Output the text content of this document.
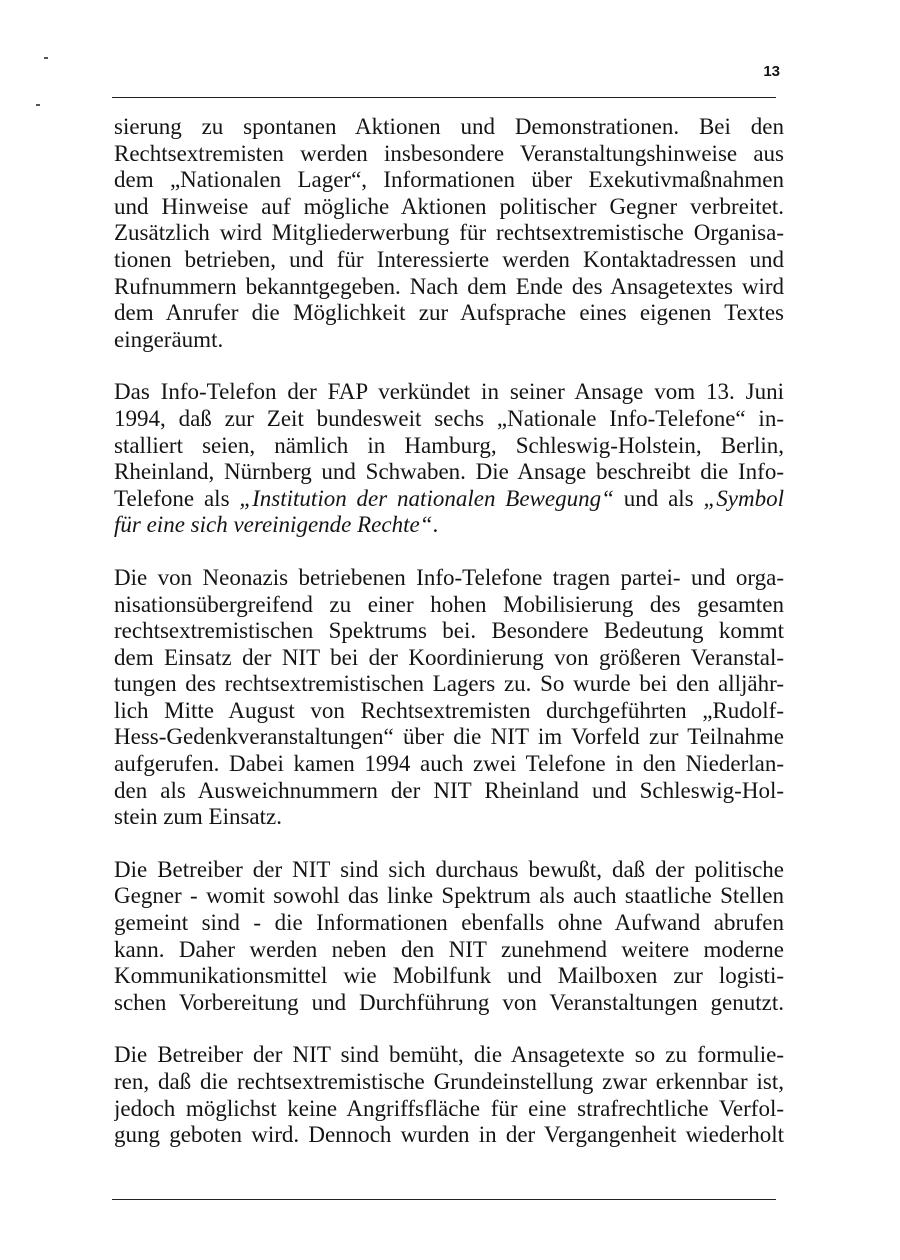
13
sierung zu spontanen Aktionen und Demonstrationen. Bei den
Rechtsextremisten werden insbesondere Veranstaltungshinweise aus
dem „Nationalen Lager“, Informationen über Exekutivmaßnahmen
und Hinweise auf mögliche Aktionen politischer Gegner verbreitet.
Zusätzlich wird Mitgliederwerbung für rechtsextremistische Organisa-
tionen betrieben, und für Interessierte werden Kontaktadressen und
Rufnummern bekanntgegeben. Nach dem Ende des Ansagetextes wird
dem Anrufer die Möglichkeit zur Aufsprache eines eigenen Textes
eingeräumt.
Das Info-Telefon der FAP verkündet in seiner Ansage vom 13. Juni
1994, daß zur Zeit bundesweit sechs „Nationale Info-Telefone“ in-
stalliert seien, nämlich in Hamburg, Schleswig-Holstein, Berlin,
Rheinland, Nürnberg und Schwaben. Die Ansage beschreibt die Info-
Telefone als „Institution der nationalen Bewegung“ und als „Symbol
für eine sich vereinigende Rechte“.
Die von Neonazis betriebenen Info-Telefone tragen partei- und orga-
nisationsübergreifend zu einer hohen Mobilisierung des gesamten
rechtsextremistischen Spektrums bei. Besondere Bedeutung kommt
dem Einsatz der NIT bei der Koordinierung von größeren Veranstal-
tungen des rechtsextremistischen Lagers zu. So wurde bei den alljähr-
lich Mitte August von Rechtsextremisten durchgeführten „Rudolf-
Hess-Gedenkveranstaltungen“ über die NIT im Vorfeld zur Teilnahme
aufgerufen. Dabei kamen 1994 auch zwei Telefone in den Niederlan-
den als Ausweichnummern der NIT Rheinland und Schleswig-Hol-
stein zum Einsatz.
Die Betreiber der NIT sind sich durchaus bewußt, daß der politische
Gegner - womit sowohl das linke Spektrum als auch staatliche Stellen
gemeint sind - die Informationen ebenfalls ohne Aufwand abrufen
kann. Daher werden neben den NIT zunehmend weitere moderne
Kommunikationsmittel wie Mobilfunk und Mailboxen zur logisti-
schen Vorbereitung und Durchführung von Veranstaltungen genutzt.
Die Betreiber der NIT sind bemüht, die Ansagetexte so zu formulie-
ren, daß die rechtsextremistische Grundeinstellung zwar erkennbar ist,
jedoch möglichst keine Angriffsfläche für eine strafrechtliche Verfol-
gung geboten wird. Dennoch wurden in der Vergangenheit wiederholt
